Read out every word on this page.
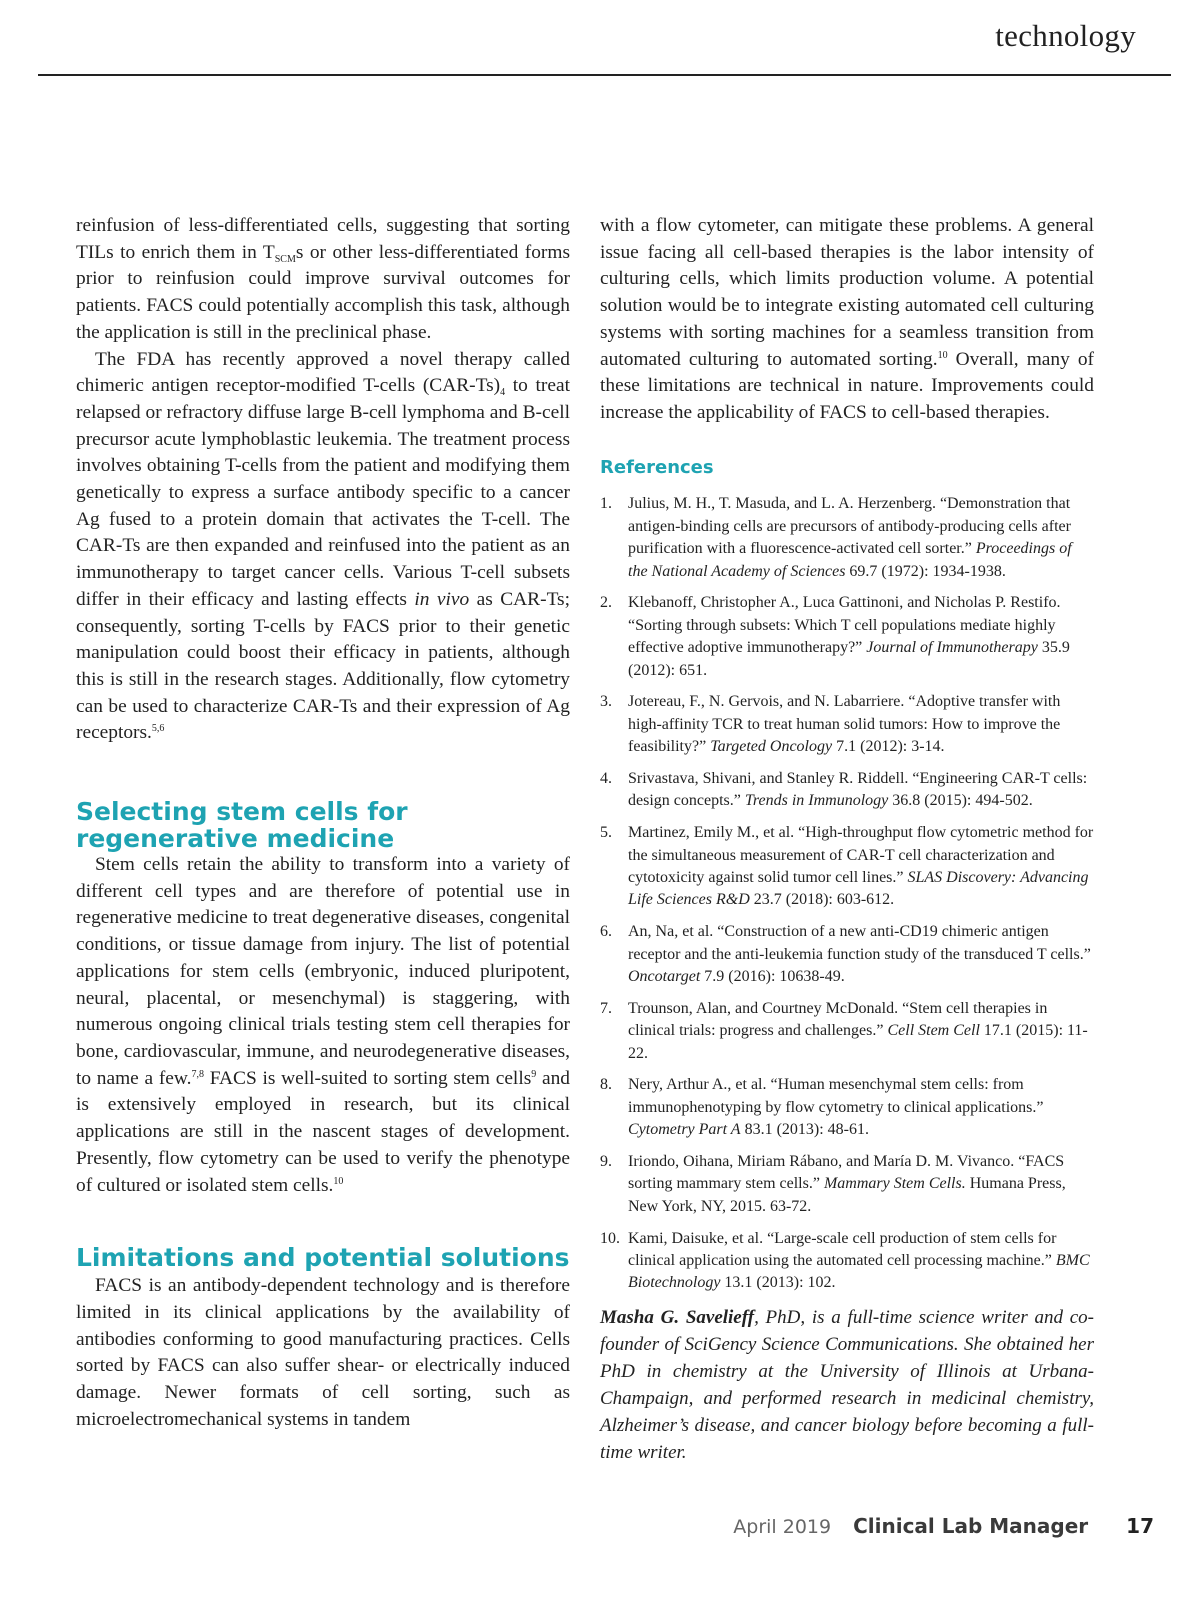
technology

reinfusion of less-differentiated cells, suggesting that sorting TILs to enrich them in $T_{SCM}s$ or other less-differentiated forms prior to reinfusion could improve survival outcomes for patients. FACS could potentially accomplish this task, although the application is still in the preclinical phase.

The FDA has recently approved a novel therapy called chimeric antigen receptor-modified T-cells $(CAR-Ts)_4$ to treat relapsed or refractory diffuse large B-cell lymphoma and B-cell precursor acute lymphoblastic leukemia. The treatment process involves obtaining T-cells from the patient and modifying them genetically to express a surface antibody specific to a cancer Ag fused to a protein domain that activates the T-cell. The CAR-Ts are then expanded and reinfused into the patient as an immunotherapy to target cancer cells. Various T-cell subsets differ in their efficacy and lasting effects in vivo as CAR-Ts; consequently, sorting T-cells by FACS prior to their genetic manipulation could boost their efficacy in patients, although this is still in the research stages. Additionally, flow cytometry can be used to characterize CAR-Ts and their expression of Ag receptors.$^{5,6}$

Selecting stem cells for regenerative medicine

Stem cells retain the ability to transform into a variety of different cell types and are therefore of potential use in regenerative medicine to treat degenerative diseases, congenital conditions, or tissue damage from injury. The list of potential applications for stem cells (embryonic, induced pluripotent, neural, placental, or mesenchymal) is staggering, with numerous ongoing clinical trials testing stem cell therapies for bone, cardiovascular, immune, and neurodegenerative diseases, to name a few.$^{7,8}$ FACS is well-suited to sorting stem cells$^9$ and is extensively employed in research, but its clinical applications are still in the nascent stages of development. Presently, flow cytometry can be used to verify the phenotype of cultured or isolated stem cells.$^{10}$

Limitations and potential solutions

FACS is an antibody-dependent technology and is therefore limited in its clinical applications by the availability of antibodies conforming to good manufacturing practices. Cells sorted by FACS can also suffer shear- or electrically induced damage. Newer formats of cell sorting, such as microelectromechanical systems in tandem

with a flow cytometer, can mitigate these problems. A general issue facing all cell-based therapies is the labor intensity of culturing cells, which limits production volume. A potential solution would be to integrate existing automated cell culturing systems with sorting machines for a seamless transition from automated culturing to automated sorting.$^{10}$ Overall, many of these limitations are technical in nature. Improvements could increase the applicability of FACS to cell-based therapies.

References
1.	Julius, M. H., T. Masuda, and L. A. Herzenberg. “Demonstration that antigen-binding cells are precursors of antibody-producing cells after purification with a fluorescence-activated cell sorter.” Proceedings of the National Academy of Sciences 69.7 (1972): 1934-1938.
2.	Klebanoff, Christopher A., Luca Gattinoni, and Nicholas P. Restifo. “Sorting through subsets: Which T cell populations mediate highly effective adoptive immunotherapy?” Journal of Immunotherapy 35.9 (2012): 651.
3.	Jotereau, F., N. Gervois, and N. Labarriere. “Adoptive transfer with high-affinity TCR to treat human solid tumors: How to improve the feasibility?” Targeted Oncology 7.1 (2012): 3-14.
4.	Srivastava, Shivani, and Stanley R. Riddell. “Engineering CAR-T cells: design concepts.” Trends in Immunology 36.8 (2015): 494-502.
5.	Martinez, Emily M., et al. “High-throughput flow cytometric method for the simultaneous measurement of CAR-T cell characterization and cytotoxicity against solid tumor cell lines.” SLAS Discovery: Advancing Life Sciences R&D 23.7 (2018): 603-612.
6.	An, Na, et al. “Construction of a new anti-CD19 chimeric antigen receptor and the anti-leukemia function study of the transduced T cells.” Oncotarget 7.9 (2016): 10638-49.
7.	Trounson, Alan, and Courtney McDonald. “Stem cell therapies in clinical trials: progress and challenges.” Cell Stem Cell 17.1 (2015): 11-22.
8.	Nery, Arthur A., et al. “Human mesenchymal stem cells: from immunophenotyping by flow cytometry to clinical applications.” Cytometry Part A 83.1 (2013): 48-61.
9.	Iriondo, Oihana, Miriam Rábano, and María D. M. Vivanco. “FACS sorting mammary stem cells.” Mammary Stem Cells. Humana Press, New York, NY, 2015. 63-72.
10. Kami, Daisuke, et al. “Large-scale cell production of stem cells for clinical application using the automated cell processing machine.” BMC Biotechnology 13.1 (2013): 102.

Masha G. Savelieff, PhD, is a full-time science writer and co-founder of SciGency Science Communications. She obtained her PhD in chemistry at the University of Illinois at Urbana-Champaign, and performed research in medicinal chemistry, Alzheimer’s disease, and cancer biology before becoming a full-time writer.

April 2019 Clinical Lab Manager 17
